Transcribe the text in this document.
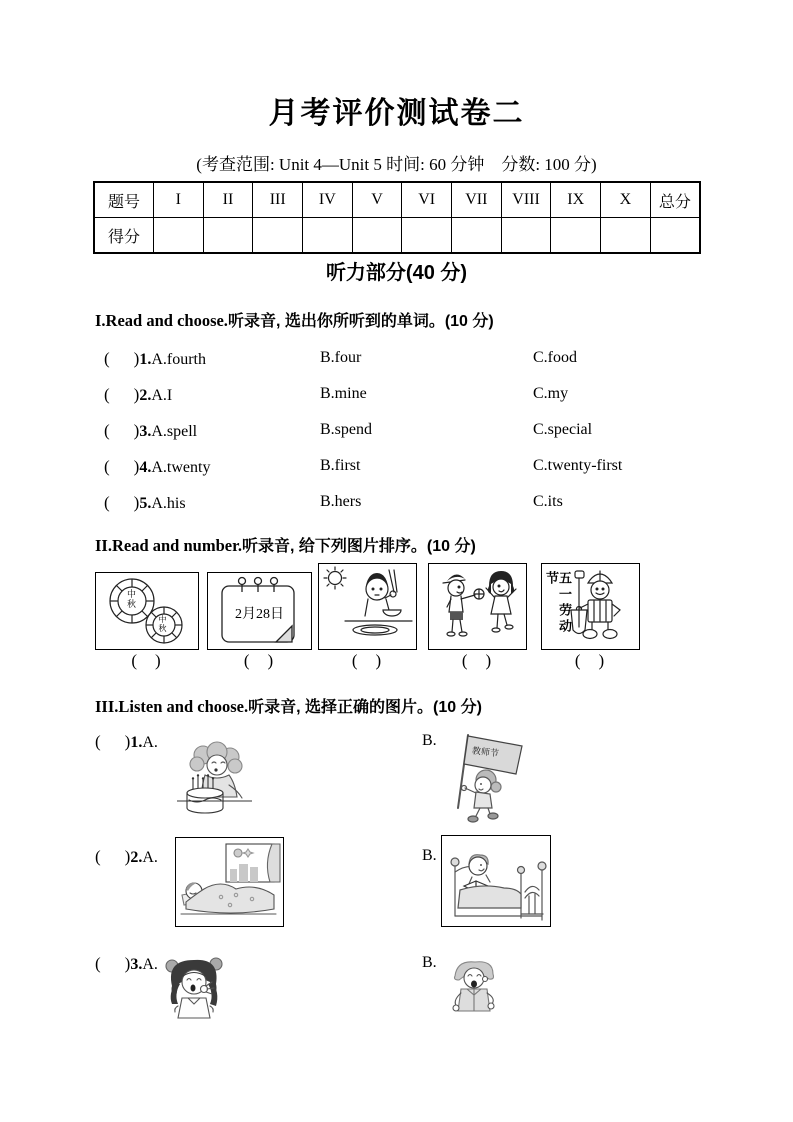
月考评价测试卷二
(考查范围: Unit 4—Unit 5 时间: 60 分钟    分数: 100 分)
题号	I	II	III	IV	V	VI	VII	VIII	IX	X	总分
得分											
听力部分(40 分)
I.Read and choose.听录音, 选出你所听到的单词。(10 分)
( )1.A.fourth	B.four	C.food
( )2.A.I	B.mine	C.my
( )3.A.spell	B.spend	C.special
( )4.A.twenty	B.first	C.twenty-first
( )5.A.his	B.hers	C.its
II.Read and number.听录音, 给下列图片排序。(10 分)
中秋
中秋
2月28日	五一劳动节
( )	( )	( )	( )	( )
III.Listen and choose.听录音, 选择正确的图片。(10 分)
( )1.A.	B.
教师节
( )2.A.	B.
( )3.A.	B.
